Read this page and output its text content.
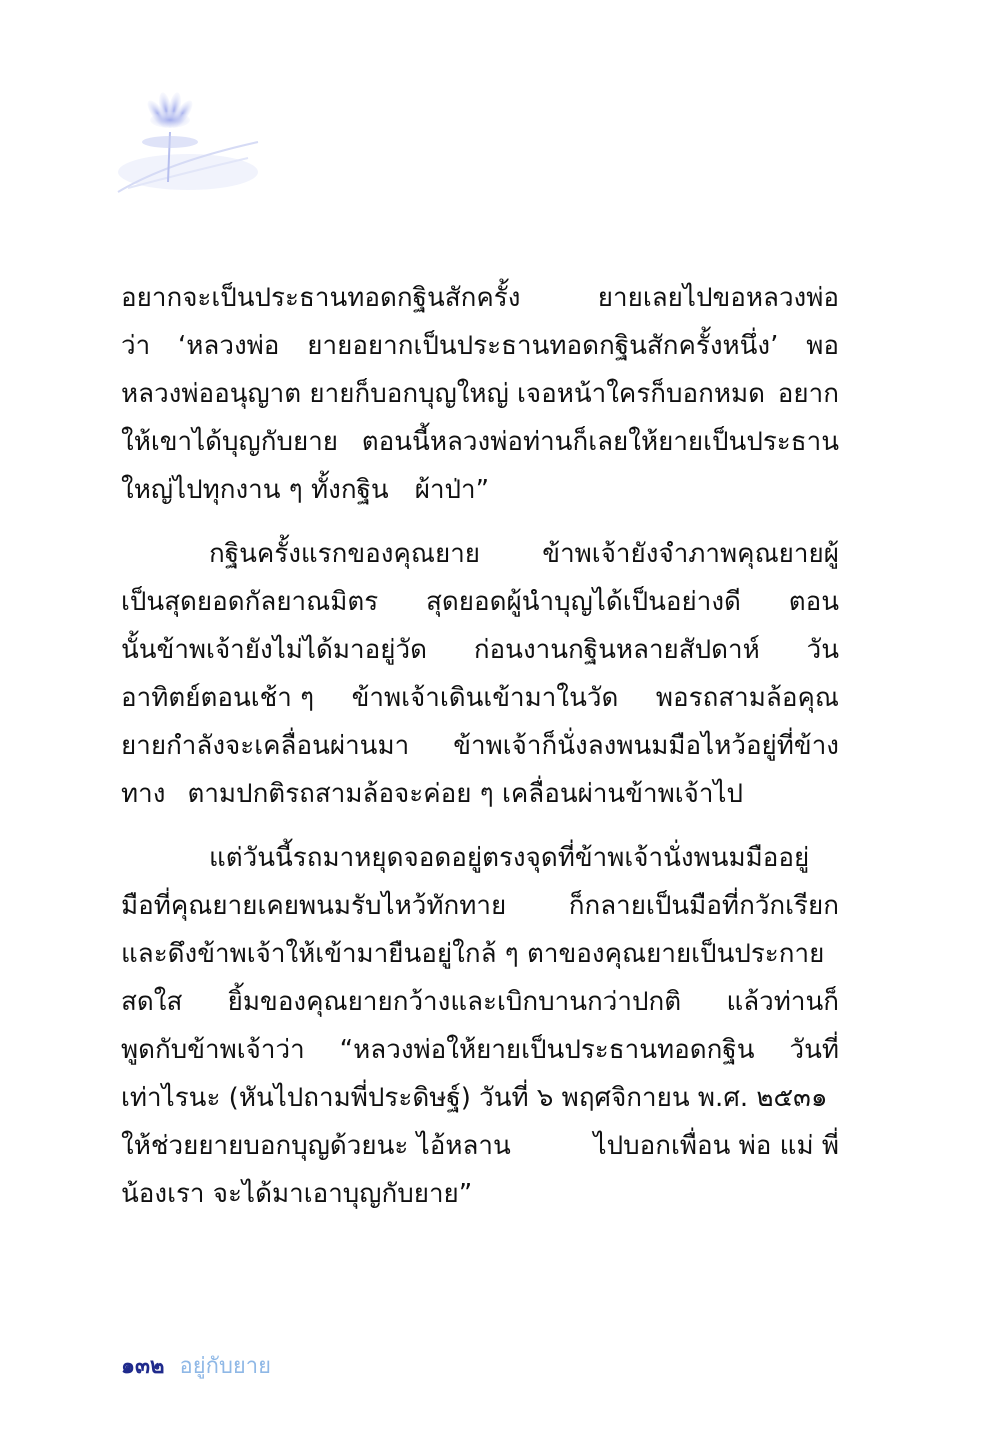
อยากจะเป็นประธานทอดกฐินสักครั้ง	ยายเลยไปขอหลวงพ่อ
ว่า ‘หลวงพ่อ ยายอยากเป็นประธานทอดกฐินสักครั้งหนึ่ง’ พอ
หลวงพ่ออนุญาต ยายก็บอกบุญใหญ่ เจอหน้าใครก็บอกหมด อยาก
ให้เขาได้บุญกับยาย ตอนนี้หลวงพ่อท่านก็เลยให้ยายเป็นประธาน
ใหญ่ไปทุกงาน ๆ ทั้งกฐิน ผ้าป่า”
กฐินครั้งแรกของคุณยาย ข้าพเจ้ายังจำภาพคุณยายผู้
เป็นสุดยอดกัลยาณมิตร สุดยอดผู้นำบุญได้เป็นอย่างดี ตอน
นั้นข้าพเจ้ายังไม่ได้มาอยู่วัด ก่อนงานกฐินหลายสัปดาห์ วัน
อาทิตย์ตอนเช้า ๆ ข้าพเจ้าเดินเข้ามาในวัด พอรถสามล้อคุณ
ยายกำลังจะเคลื่อนผ่านมา ข้าพเจ้าก็นั่งลงพนมมือไหว้อยู่ที่ข้าง
ทาง ตามปกติรถสามล้อจะค่อย ๆ เคลื่อนผ่านข้าพเจ้าไป
แต่วันนี้รถมาหยุดจอดอยู่ตรงจุดที่ข้าพเจ้านั่งพนมมืออยู่
มือที่คุณยายเคยพนมรับไหว้ทักทาย ก็กลายเป็นมือที่กวักเรียก
และดึงข้าพเจ้าให้เข้ามายืนอยู่ใกล้ ๆ ตาของคุณยายเป็นประกาย
สดใส ยิ้มของคุณยายกว้างและเบิกบานกว่าปกติ แล้วท่านก็
พูดกับข้าพเจ้าว่า “หลวงพ่อให้ยายเป็นประธานทอดกฐิน วันที่
เท่าไรนะ (หันไปถามพี่ประดิษฐ์) วันที่ ๖ พฤศจิกายน พ.ศ. ๒๕๓๑
ให้ช่วยยายบอกบุญด้วยนะ ไอ้หลาน	ไปบอกเพื่อน พ่อ แม่ พี่
น้องเรา จะได้มาเอาบุญกับยาย”
๑๓๒ อยู่กับยาย
